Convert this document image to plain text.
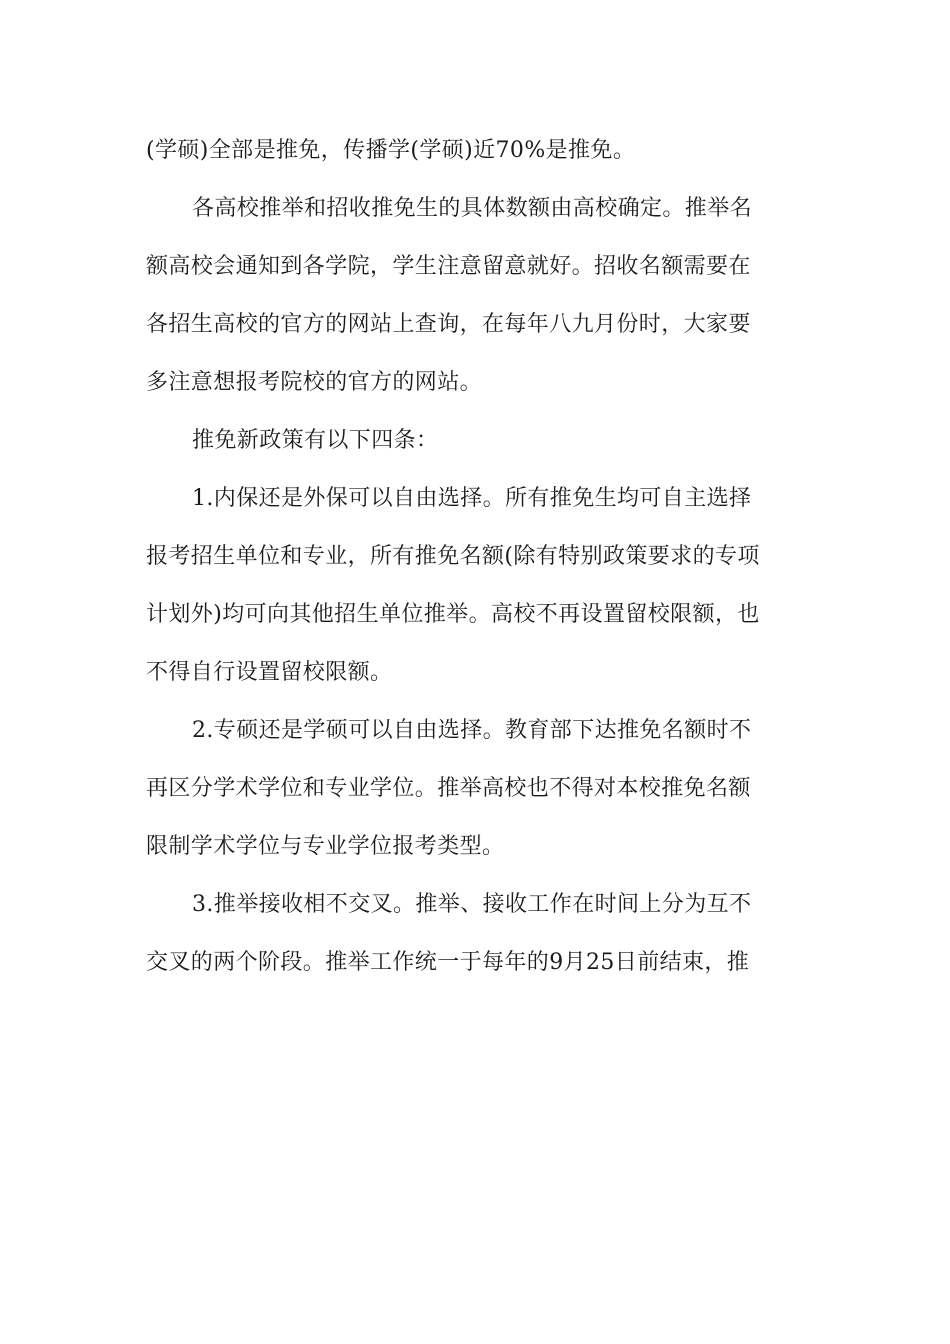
(学硕)全部是推免，传播学(学硕)近70%是推免。
各高校推举和招收推免生的具体数额由高校确定。推举名
额高校会通知到各学院，学生注意留意就好。招收名额需要在
各招生高校的官方的网站上查询，在每年八九月份时，大家要
多注意想报考院校的官方的网站。
推免新政策有以下四条：
1.内保还是外保可以自由选择。所有推免生均可自主选择
报考招生单位和专业，所有推免名额(除有特别政策要求的专项
计划外)均可向其他招生单位推举。高校不再设置留校限额，也
不得自行设置留校限额。
2.专硕还是学硕可以自由选择。教育部下达推免名额时不
再区分学术学位和专业学位。推举高校也不得对本校推免名额
限制学术学位与专业学位报考类型。
3.推举接收相不交叉。推举、接收工作在时间上分为互不
交叉的两个阶段。推举工作统一于每年的9月25日前结束，推
